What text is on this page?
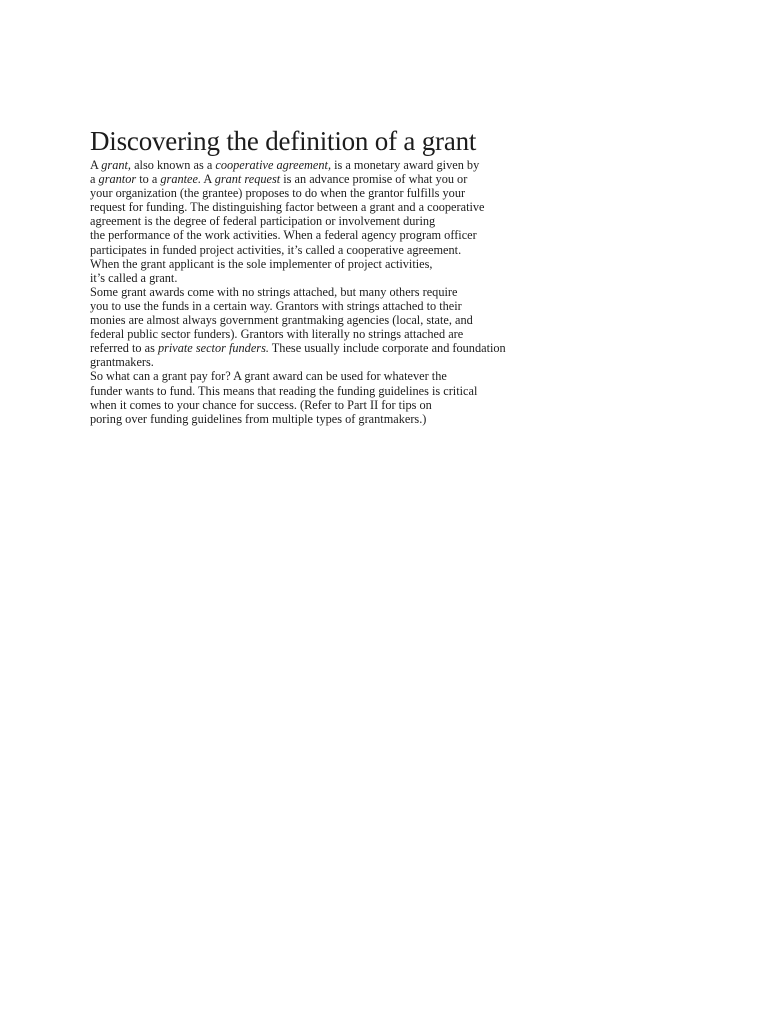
Discovering the definition of a grant
A grant, also known as a cooperative agreement, is a monetary award given by
a grantor to a grantee. A grant request is an advance promise of what you or
your organization (the grantee) proposes to do when the grantor fulfills your
request for funding. The distinguishing factor between a grant and a cooperative
agreement is the degree of federal participation or involvement during
the performance of the work activities. When a federal agency program officer
participates in funded project activities, it’s called a cooperative agreement.
When the grant applicant is the sole implementer of project activities,
it’s called a grant.
Some grant awards come with no strings attached, but many others require
you to use the funds in a certain way. Grantors with strings attached to their
monies are almost always government grantmaking agencies (local, state, and
federal public sector funders). Grantors with literally no strings attached are
referred to as private sector funders. These usually include corporate and foundation
grantmakers.
So what can a grant pay for? A grant award can be used for whatever the
funder wants to fund. This means that reading the funding guidelines is critical
when it comes to your chance for success. (Refer to Part II for tips on
poring over funding guidelines from multiple types of grantmakers.)
